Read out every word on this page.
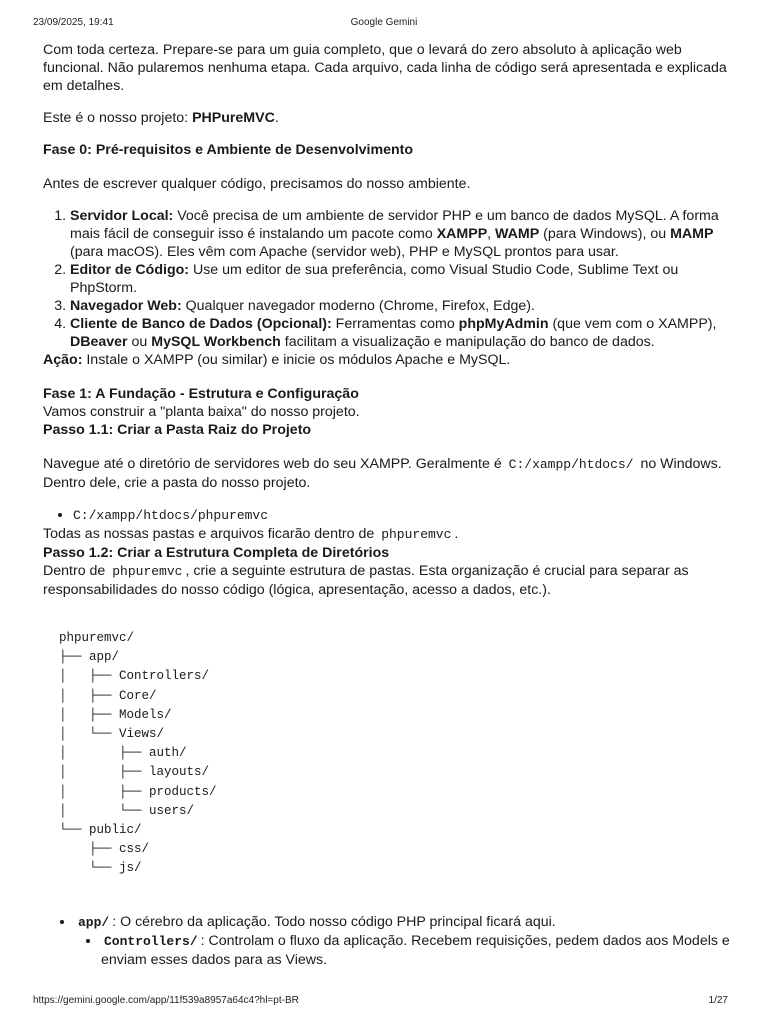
23/09/2025, 19:41	Google Gemini

Com toda certeza. Prepare-se para um guia completo, que o levará do zero absoluto à aplicação web funcional. Não pularemos nenhuma etapa. Cada arquivo, cada linha de código será apresentada e explicada em detalhes.

Este é o nosso projeto: PHPureMVC.

Fase 0: Pré-requisitos e Ambiente de Desenvolvimento

Antes de escrever qualquer código, precisamos do nosso ambiente.

1. Servidor Local: Você precisa de um ambiente de servidor PHP e um banco de dados MySQL. A forma mais fácil de conseguir isso é instalando um pacote como XAMPP, WAMP (para Windows), ou MAMP (para macOS). Eles vêm com Apache (servidor web), PHP e MySQL prontos para usar.
2. Editor de Código: Use um editor de sua preferência, como Visual Studio Code, Sublime Text ou PhpStorm.
3. Navegador Web: Qualquer navegador moderno (Chrome, Firefox, Edge).
4. Cliente de Banco de Dados (Opcional): Ferramentas como phpMyAdmin (que vem com o XAMPP), DBeaver ou MySQL Workbench facilitam a visualização e manipulação do banco de dados.

Ação: Instale o XAMPP (ou similar) e inicie os módulos Apache e MySQL.

Fase 1: A Fundação - Estrutura e Configuração

Vamos construir a "planta baixa" do nosso projeto.

Passo 1.1: Criar a Pasta Raiz do Projeto

Navegue até o diretório de servidores web do seu XAMPP. Geralmente é C:/xampp/htdocs/ no Windows. Dentro dele, crie a pasta do nosso projeto.

• C:/xampp/htdocs/phpuremvc

Todas as nossas pastas e arquivos ficarão dentro de phpuremvc .

Passo 1.2: Criar a Estrutura Completa de Diretórios

Dentro de phpuremvc , crie a seguinte estrutura de pastas. Esta organização é crucial para separar as responsabilidades do nosso código (lógica, apresentação, acesso a dados, etc.).

phpuremvc/
├── app/
│   ├── Controllers/
│   ├── Core/
│   ├── Models/
│   └── Views/
│       ├── auth/
│       ├── layouts/
│       ├── products/
│       └── users/
└── public/
├── css/
└── js/
• app/ : O cérebro da aplicação. Todo nosso código PHP principal ficará aqui.
• Controllers/ : Controlam o fluxo da aplicação. Recebem requisições, pedem dados aos Models e enviam esses dados para as Views.
https://gemini.google.com/app/11f539a8957a64c4?hl=pt-BR	1/27
